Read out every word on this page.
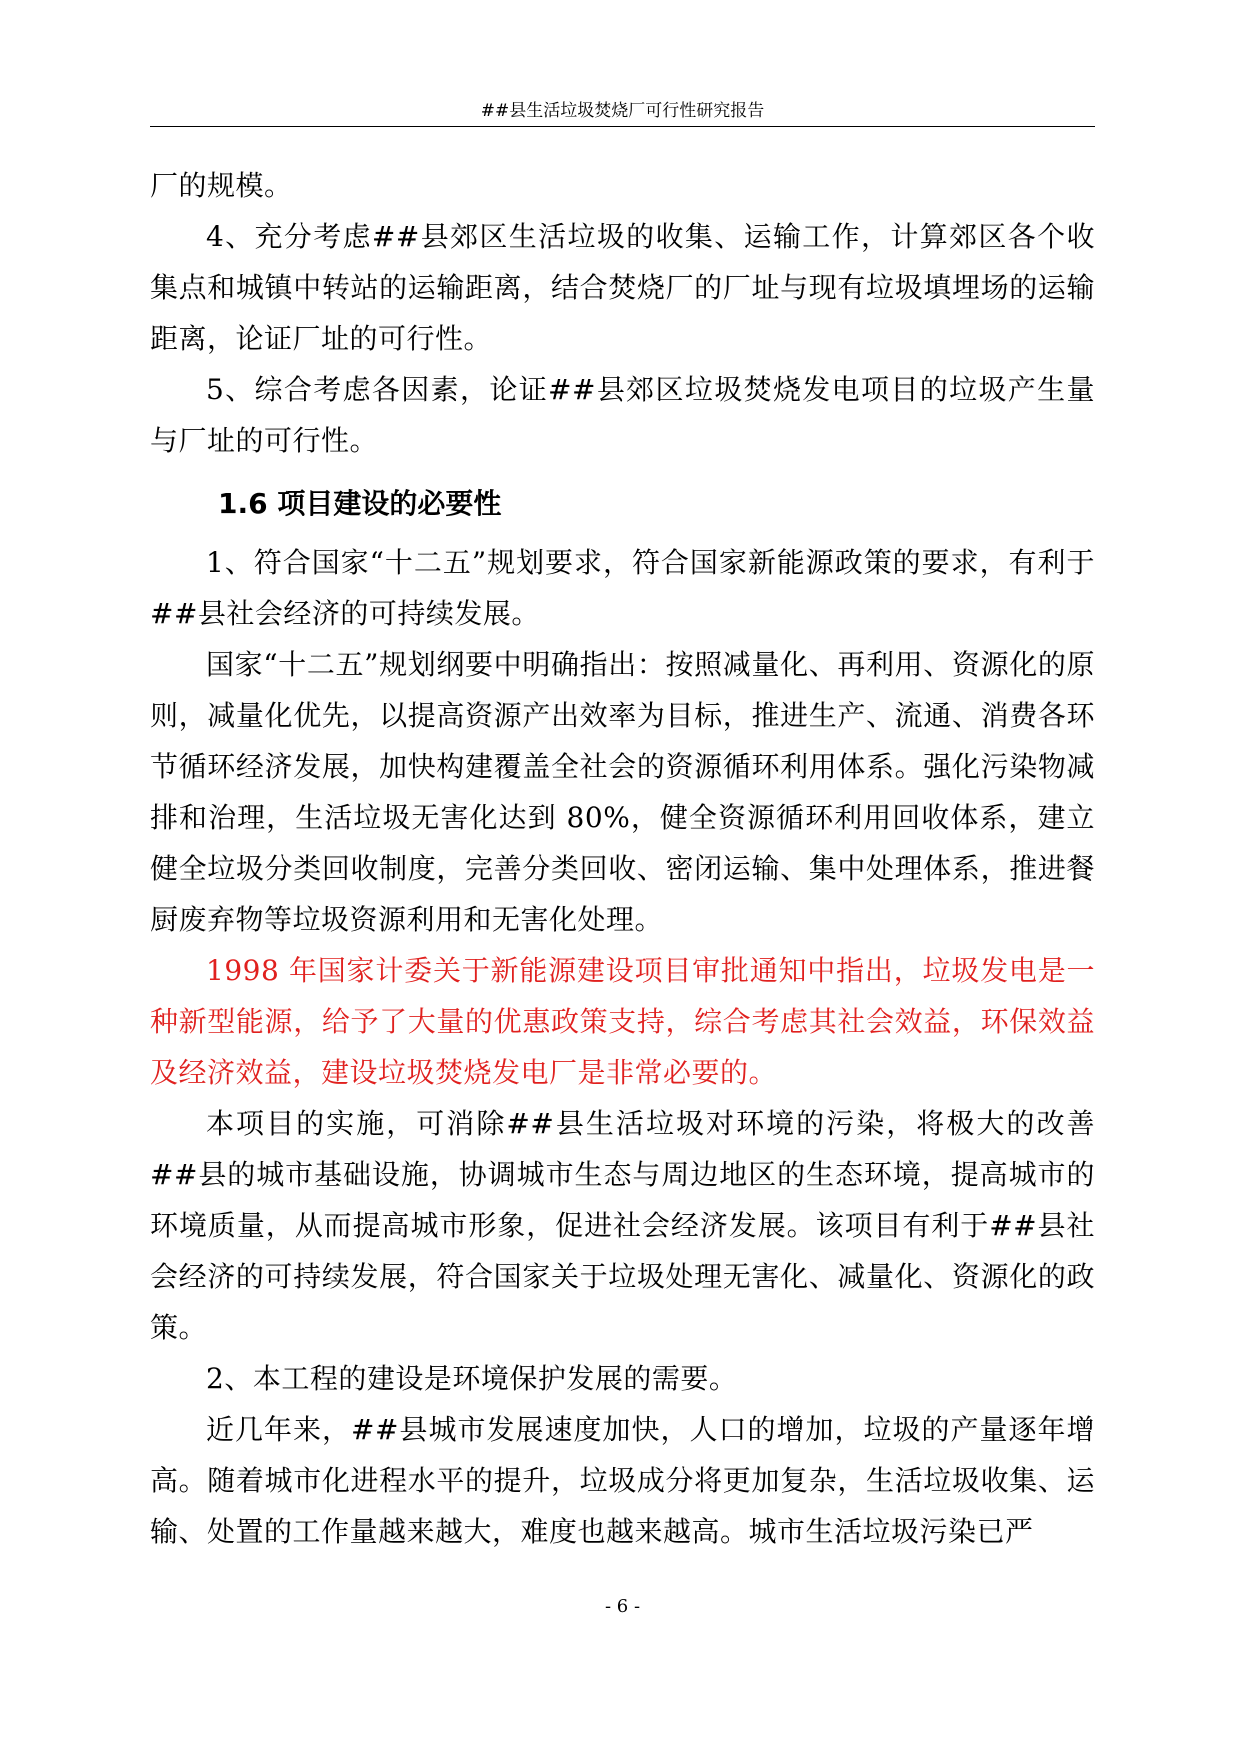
##县生活垃圾焚烧厂可行性研究报告

厂的规模。

4、充分考虑##县郊区生活垃圾的收集、运输工作，计算郊区各个收集点和城镇中转站的运输距离，结合焚烧厂的厂址与现有垃圾填埋场的运输距离，论证厂址的可行性。

5、综合考虑各因素，论证##县郊区垃圾焚烧发电项目的垃圾产生量与厂址的可行性。

1.6 项目建设的必要性

1、符合国家“十二五”规划要求，符合国家新能源政策的要求，有利于##县社会经济的可持续发展。

国家“十二五”规划纲要中明确指出：按照减量化、再利用、资源化的原则，减量化优先，以提高资源产出效率为目标，推进生产、流通、消费各环节循环经济发展，加快构建覆盖全社会的资源循环利用体系。强化污染物减排和治理，生活垃圾无害化达到 80%，健全资源循环利用回收体系，建立健全垃圾分类回收制度，完善分类回收、密闭运输、集中处理体系，推进餐厨废弃物等垃圾资源利用和无害化处理。

1998 年国家计委关于新能源建设项目审批通知中指出，垃圾发电是一种新型能源，给予了大量的优惠政策支持，综合考虑其社会效益，环保效益及经济效益，建设垃圾焚烧发电厂是非常必要的。

本项目的实施，可消除##县生活垃圾对环境的污染，将极大的改善##县的城市基础设施，协调城市生态与周边地区的生态环境，提高城市的环境质量，从而提高城市形象，促进社会经济发展。该项目有利于##县社会经济的可持续发展，符合国家关于垃圾处理无害化、减量化、资源化的政策。

2、本工程的建设是环境保护发展的需要。

近几年来，##县城市发展速度加快，人口的增加，垃圾的产量逐年增高。随着城市化进程水平的提升，垃圾成分将更加复杂，生活垃圾收集、运输、处置的工作量越来越大，难度也越来越高。城市生活垃圾污染已严

- 6 -
